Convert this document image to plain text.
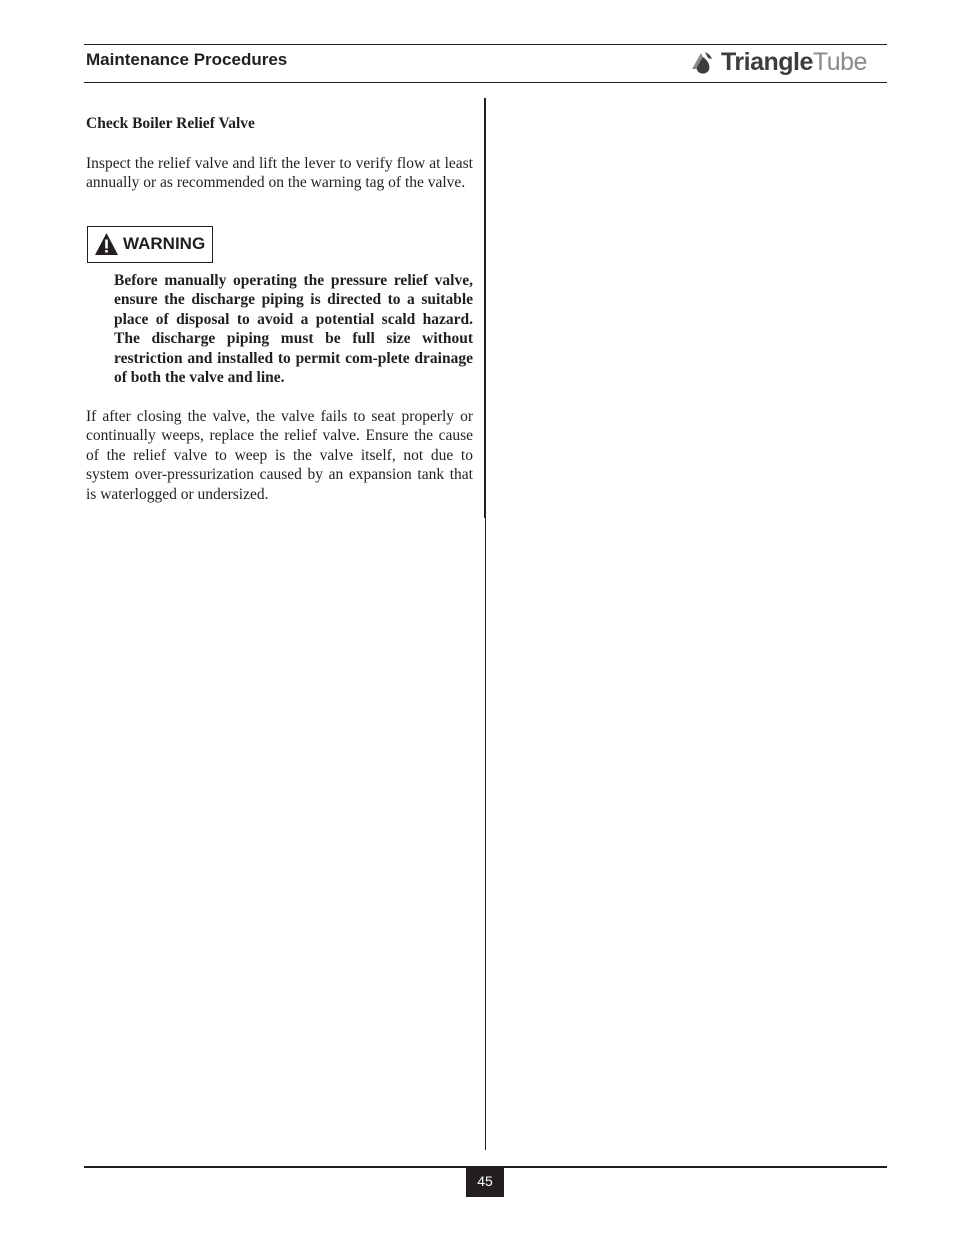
Maintenance Procedures	TriangleTube

Check Boiler Relief Valve

Inspect the relief valve and lift the lever to verify flow at least annually or as recommended on the warning tag of the valve.

WARNING

Before manually operating the pressure relief valve, ensure the discharge piping is directed to a suitable place of disposal to avoid a potential scald hazard. The discharge piping must be full size without restriction and installed to permit com-plete drainage of both the valve and line.

If after closing the valve, the valve fails to seat properly or continually weeps, replace the relief valve. Ensure the cause of the relief valve to weep is the valve itself, not due to system over-pressurization caused by an expansion tank that is waterlogged or undersized.

45
